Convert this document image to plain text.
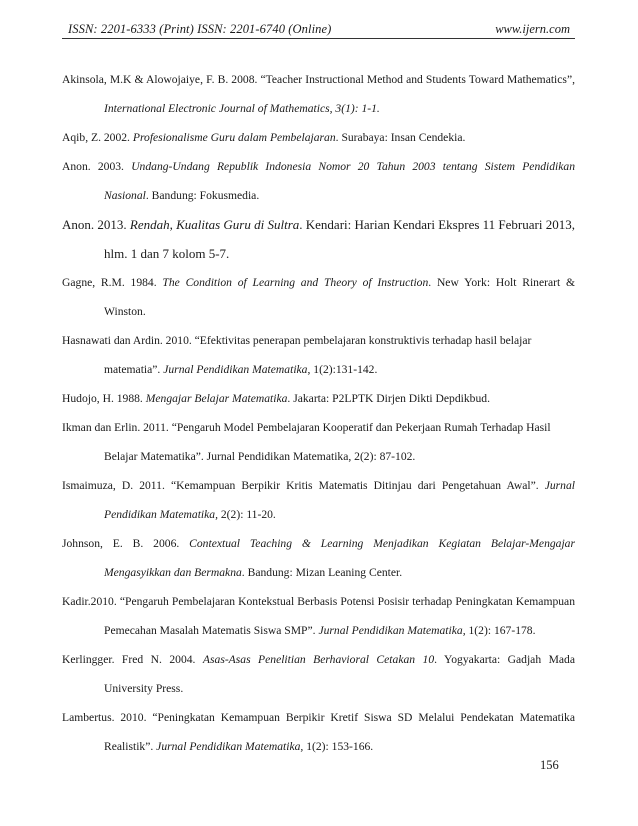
ISSN: 2201-6333 (Print) ISSN: 2201-6740 (Online)	www.ijern.com
Akinsola, M.K & Alowojaiye, F. B. 2008. “Teacher Instructional Method and Students Toward Mathematics”,
International Electronic Journal of Mathematics, 3(1): 1-1.
Aqib, Z. 2002. Profesionalisme Guru dalam Pembelajaran. Surabaya: Insan Cendekia.
Anon. 2003. Undang-Undang Republik Indonesia Nomor 20 Tahun 2003 tentang Sistem Pendidikan
Nasional. Bandung: Fokusmedia.
Anon. 2013. Rendah, Kualitas Guru di Sultra. Kendari: Harian Kendari Ekspres 11 Februari 2013,
hlm. 1 dan 7 kolom 5-7.
Gagne, R.M. 1984. The Condition of Learning and Theory of Instruction. New York: Holt Rinerart &
Winston.
Hasnawati dan Ardin. 2010. “Efektivitas penerapan pembelajaran konstruktivis terhadap hasil belajar
matematia”. Jurnal Pendidikan Matematika, 1(2):131-142.
Hudojo, H. 1988. Mengajar Belajar Matematika. Jakarta: P2LPTK Dirjen Dikti Depdikbud.
Ikman dan Erlin. 2011. “Pengaruh Model Pembelajaran Kooperatif dan Pekerjaan Rumah Terhadap Hasil
Belajar Matematika”. Jurnal Pendidikan Matematika, 2(2): 87-102.
Ismaimuza, D. 2011. “Kemampuan Berpikir Kritis Matematis Ditinjau dari Pengetahuan Awal”. Jurnal
Pendidikan Matematika, 2(2): 11-20.
Johnson, E. B. 2006. Contextual Teaching & Learning Menjadikan Kegiatan Belajar-Mengajar
Mengasyikkan dan Bermakna. Bandung: Mizan Leaning Center.
Kadir.2010. “Pengaruh Pembelajaran Kontekstual Berbasis Potensi Posisir terhadap Peningkatan Kemampuan
Pemecahan Masalah Matematis Siswa SMP”. Jurnal Pendidikan Matematika, 1(2): 167-178.
Kerlingger. Fred N. 2004. Asas-Asas Penelitian Berhavioral Cetakan 10. Yogyakarta: Gadjah Mada
University Press.
Lambertus. 2010. “Peningkatan Kemampuan Berpikir Kretif Siswa SD Melalui Pendekatan Matematika
Realistik”. Jurnal Pendidikan Matematika, 1(2): 153-166.
156
